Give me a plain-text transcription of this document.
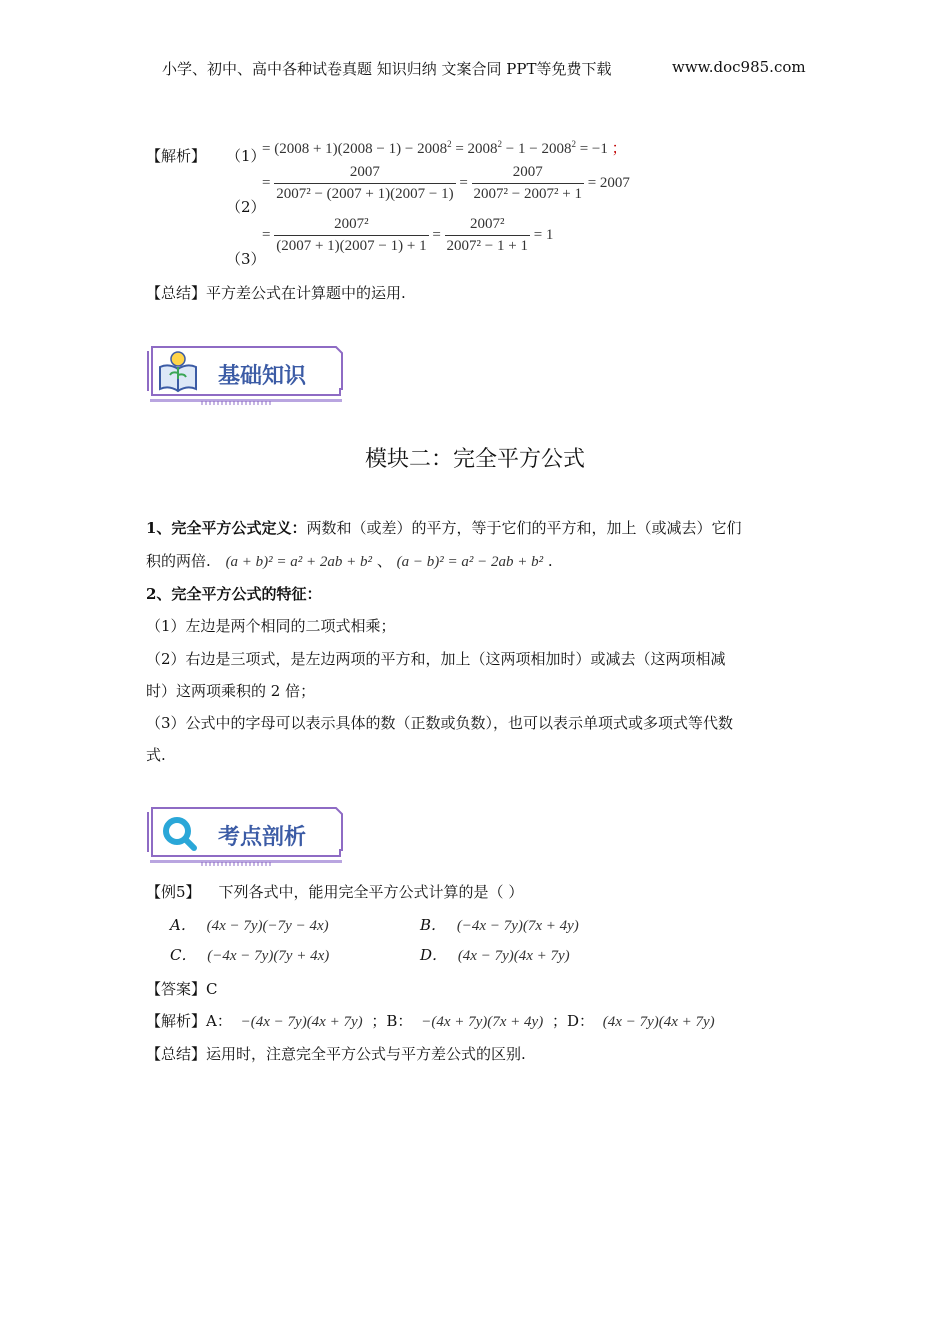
小学、初中、高中各种试卷真题 知识归纳 文案合同 PPT等免费下载	www.doc985.com
【解析】 （1）
= $(2008 + 1)(2008 - 1) - 2008^2 = 2008^2 - 1 - 2008^2 = -1$ ；
（2）
= $\frac{2007}{\text{2007² − (2007 + 1)(2007 − 1)}} = \frac{2007}{\text{2007² − 2007² + 1}} = 2007$
（3）
= $\frac{\text{2007²}}{(2007 + 1)(2007 - 1) + 1} = \frac{\text{2007²}}{\text{2007² − 1 + 1}} = 1$
【总结】平方差公式在计算题中的运用.
基础知识
模块二：完全平方公式
1、完全平方公式定义：两数和（或差）的平方，等于它们的平方和，加上（或减去）它们
积的两倍. (a + b)² = a² + 2ab + b² 、 (a − b)² = a² − 2ab + b² .
2、完全平方公式的特征：
（1）左边是两个相同的二项式相乘；
（2）右边是三项式，是左边两项的平方和，加上（这两项相加时）或减去（这两项相减
时）这两项乘积的 2 倍；
（3）公式中的字母可以表示具体的数（正数或负数），也可以表示单项式或多项式等代数
式.
考点剖析
【例5】 下列各式中，能用完全平方公式计算的是（ ）
A． (4x − 7y)(−7y − 4x)	B． (−4x − 7y)(7x + 4y)
C． (−4x − 7y)(7y + 4x)	D． (4x − 7y)(4x + 7y)
【答案】C
【解析】A： −(4x − 7y)(4x + 7y) ；B： −(4x + 7y)(7x + 4y) ；D： (4x − 7y)(4x + 7y)
【总结】运用时，注意完全平方公式与平方差公式的区别.
